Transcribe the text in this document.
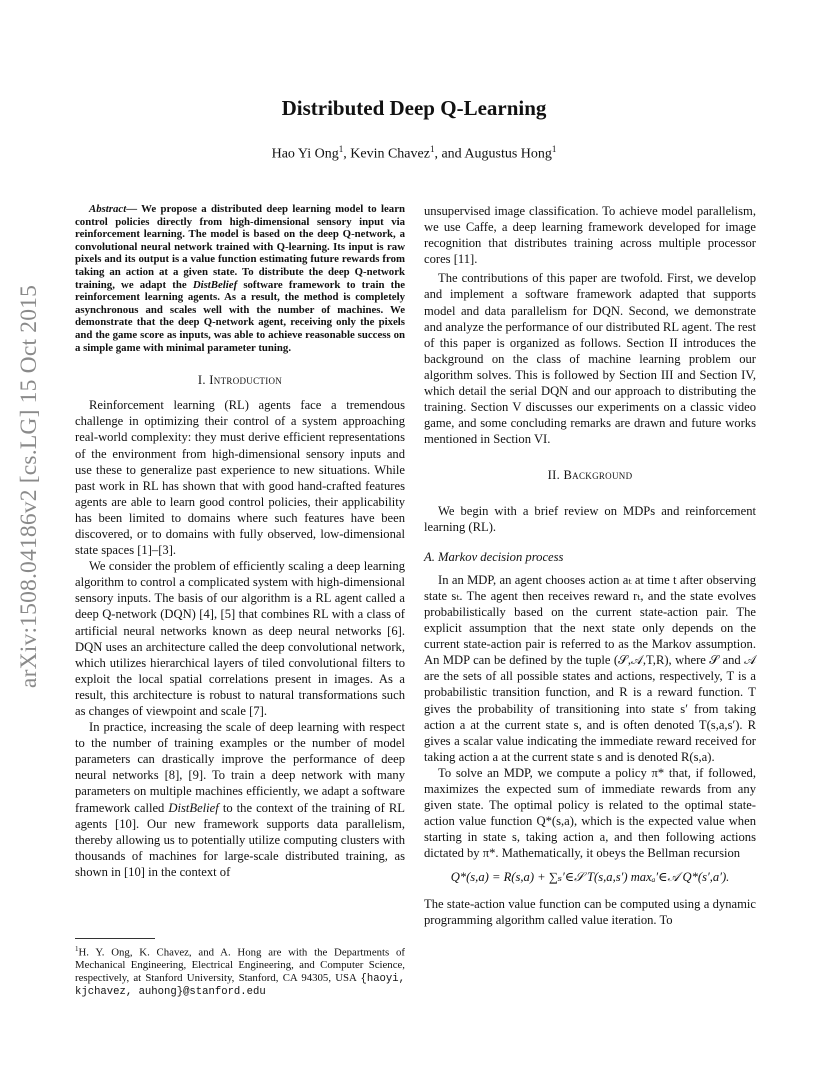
arXiv:1508.04186v2 [cs.LG] 15 Oct 2015
Distributed Deep Q-Learning
Hao Yi Ong$^1$, Kevin Chavez$^1$, and Augustus Hong$^1$

Abstract— We propose a distributed deep learning model to learn control policies directly from high-dimensional sensory input via reinforcement learning. The model is based on the deep Q-network, a convolutional neural network trained with Q-learning. Its input is raw pixels and its output is a value function estimating future rewards from taking an action at a given state. To distribute the deep Q-network training, we adapt the DistBelief software framework to train the reinforcement learning agents. As a result, the method is completely asynchronous and scales well with the number of machines. We demonstrate that the deep Q-network agent, receiving only the pixels and the game score as inputs, was able to achieve reasonable success on a simple game with minimal parameter tuning.

I. Introduction

Reinforcement learning (RL) agents face a tremendous challenge in optimizing their control of a system approaching real-world complexity: they must derive efficient representations of the environment from high-dimensional sensory inputs and use these to generalize past experience to new situations. While past work in RL has shown that with good hand-crafted features agents are able to learn good control policies, their applicability has been limited to domains where such features have been discovered, or to domains with fully observed, low-dimensional state spaces [1]–[3].

We consider the problem of efficiently scaling a deep learning algorithm to control a complicated system with high-dimensional sensory inputs. The basis of our algorithm is a RL agent called a deep Q-network (DQN) [4], [5] that combines RL with a class of artificial neural networks known as deep neural networks [6]. DQN uses an architecture called the deep convolutional network, which utilizes hierarchical layers of tiled convolutional filters to exploit the local spatial correlations present in images. As a result, this architecture is robust to natural transformations such as changes of viewpoint and scale [7].

In practice, increasing the scale of deep learning with respect to the number of training examples or the number of model parameters can drastically improve the performance of deep neural networks [8], [9]. To train a deep network with many parameters on multiple machines efficiently, we adapt a software framework called DistBelief to the context of the training of RL agents [10]. Our new framework supports data parallelism, thereby allowing us to potentially utilize computing clusters with thousands of machines for large-scale distributed training, as shown in [10] in the context of

$^1$H. Y. Ong, K. Chavez, and A. Hong are with the Departments of Mechanical Engineering, Electrical Engineering, and Computer Science, respectively, at Stanford University, Stanford, CA 94305, USA {haoyi, kjchavez, auhong}@stanford.edu

unsupervised image classification. To achieve model parallelism, we use Caffe, a deep learning framework developed for image recognition that distributes training across multiple processor cores [11].

The contributions of this paper are twofold. First, we develop and implement a software framework adapted that supports model and data parallelism for DQN. Second, we demonstrate and analyze the performance of our distributed RL agent. The rest of this paper is organized as follows. Section II introduces the background on the class of machine learning problem our algorithm solves. This is followed by Section III and Section IV, which detail the serial DQN and our approach to distributing the training. Section V discusses our experiments on a classic video game, and some concluding remarks are drawn and future works mentioned in Section VI.

II. Background

We begin with a brief review on MDPs and reinforcement learning (RL).

A. Markov decision process

In an MDP, an agent chooses action aₜ at time t after observing state sₜ. The agent then receives reward rₜ, and the state evolves probabilistically based on the current state-action pair. The explicit assumption that the next state only depends on the current state-action pair is referred to as the Markov assumption. An MDP can be defined by the tuple (𝒮,𝒜,T,R), where 𝒮 and 𝒜 are the sets of all possible states and actions, respectively, T is a probabilistic transition function, and R is a reward function. T gives the probability of transitioning into state s′ from taking action a at the current state s, and is often denoted T(s,a,s′). R gives a scalar value indicating the immediate reward received for taking action a at the current state s and is denoted R(s,a).

To solve an MDP, we compute a policy π* that, if followed, maximizes the expected sum of immediate rewards from any given state. The optimal policy is related to the optimal state-action value function Q*(s,a), which is the expected value when starting in state s, taking action a, and then following actions dictated by π*. Mathematically, it obeys the Bellman recursion

Q*(s,a) = R(s,a) + ∑ₛ′∈𝒮 T(s,a,s′) maxₐ′∈𝒜 Q*(s′,a′).

The state-action value function can be computed using a dynamic programming algorithm called value iteration. To
